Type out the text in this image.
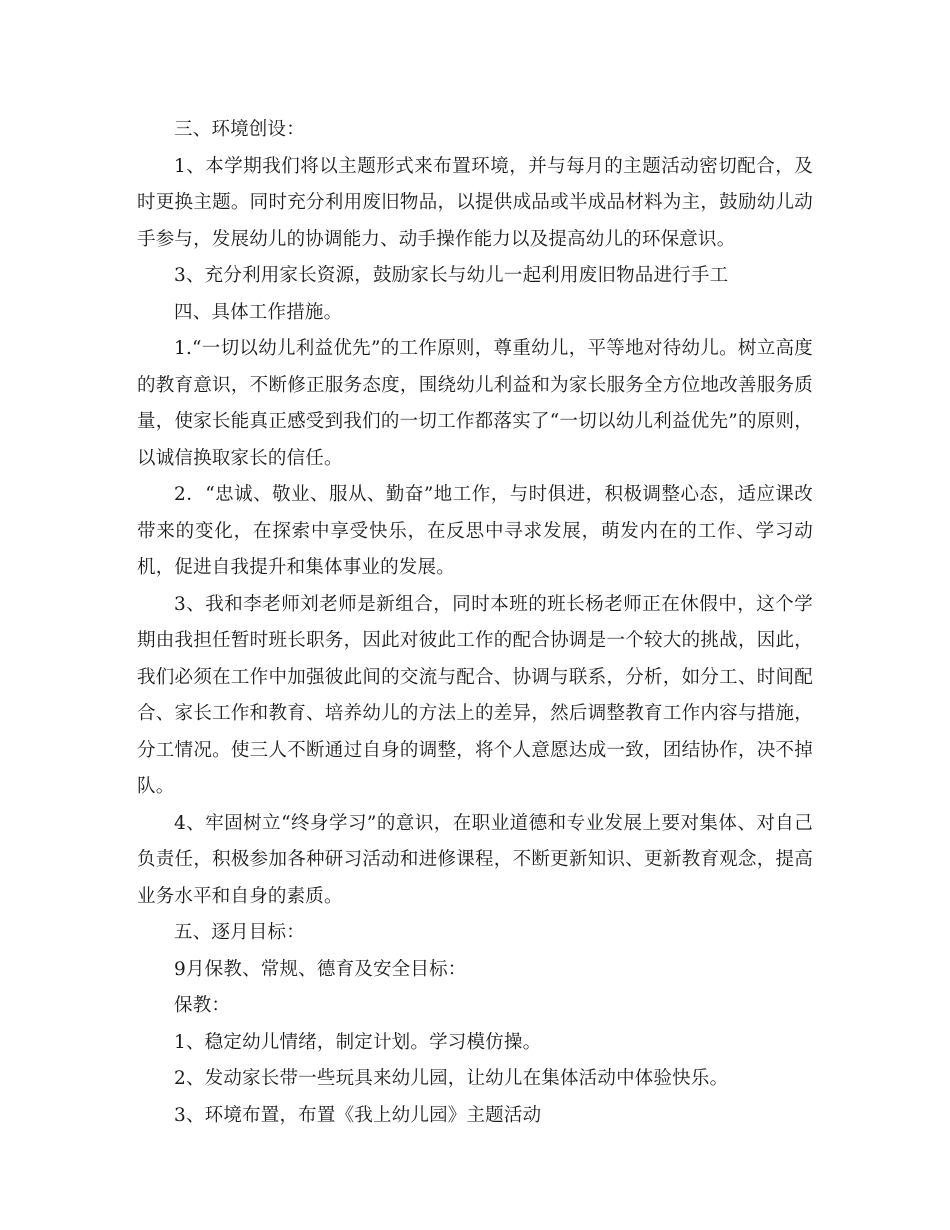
三、环境创设：

1、本学期我们将以主题形式来布置环境，并与每月的主题活动密切配合，及时更换主题。同时充分利用废旧物品，以提供成品或半成品材料为主，鼓励幼儿动手参与，发展幼儿的协调能力、动手操作能力以及提高幼儿的环保意识。

3、充分利用家长资源，鼓励家长与幼儿一起利用废旧物品进行手工

四、具体工作措施。

1.“一切以幼儿利益优先”的工作原则，尊重幼儿，平等地对待幼儿。树立高度的教育意识，不断修正服务态度，围绕幼儿利益和为家长服务全方位地改善服务质量，使家长能真正感受到我们的一切工作都落实了“一切以幼儿利益优先”的原则，以诚信换取家长的信任。

2．“忠诚、敬业、服从、勤奋”地工作，与时俱进，积极调整心态，适应课改带来的变化，在探索中享受快乐，在反思中寻求发展，萌发内在的工作、学习动机，促进自我提升和集体事业的发展。

3、我和李老师刘老师是新组合，同时本班的班长杨老师正在休假中，这个学期由我担任暂时班长职务，因此对彼此工作的配合协调是一个较大的挑战，因此，我们必须在工作中加强彼此间的交流与配合、协调与联系，分析，如分工、时间配合、家长工作和教育、培养幼儿的方法上的差异，然后调整教育工作内容与措施，分工情况。使三人不断通过自身的调整，将个人意愿达成一致，团结协作，决不掉队。

4、牢固树立“终身学习”的意识，在职业道德和专业发展上要对集体、对自己负责任，积极参加各种研习活动和进修课程，不断更新知识、更新教育观念，提高业务水平和自身的素质。

五、逐月目标：

9月保教、常规、德育及安全目标：

保教：

1、稳定幼儿情绪，制定计划。学习模仿操。

2、发动家长带一些玩具来幼儿园，让幼儿在集体活动中体验快乐。

3、环境布置，布置《我上幼儿园》主题活动
